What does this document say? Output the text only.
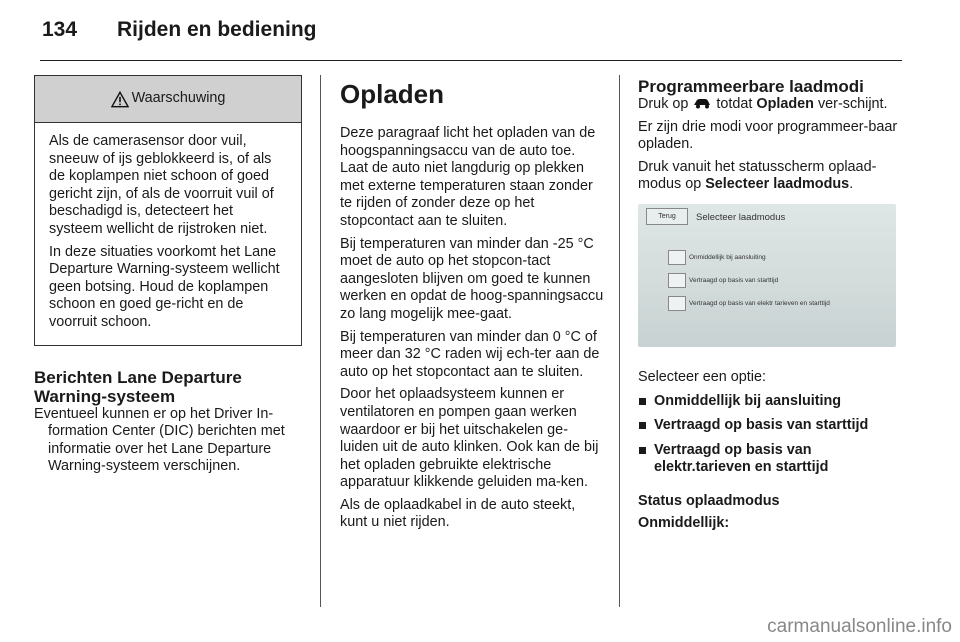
134 Rijden en bediening
Waarschuwing

Als de camerasensor door vuil, sneeuw of ijs geblokkeerd is, of als de koplampen niet schoon of goed gericht zijn, of als de voorruit vuil of beschadigd is, detecteert het systeem wellicht de rijstroken niet.

In deze situaties voorkomt het Lane Departure Warning-systeem wellicht geen botsing. Houd de koplampen schoon en goed ge-richt en de voorruit schoon.

Berichten Lane Departure Warning-systeem

Eventueel kunnen er op het Driver In-formation Center (DIC) berichten met informatie over het Lane Departure Warning-systeem verschijnen.

Opladen

Deze paragraaf licht het opladen van de hoogspanningsaccu van de auto toe. Laat de auto niet langdurig op plekken met externe temperaturen staan zonder te rijden of zonder deze op het stopcontact aan te sluiten.

Bij temperaturen van minder dan -25 °C moet de auto op het stopcon-tact aangesloten blijven om goed te kunnen werken en opdat de hoog-spanningsaccu zo lang mogelijk mee-gaat.

Bij temperaturen van minder dan 0 °C of meer dan 32 °C raden wij ech-ter aan de auto op het stopcontact aan te sluiten.

Door het oplaadsysteem kunnen er ventilatoren en pompen gaan werken waardoor er bij het uitschakelen ge-luiden uit de auto klinken. Ook kan de bij het opladen gebruikte elektrische apparatuur klikkende geluiden ma-ken.

Als de oplaadkabel in de auto steekt, kunt u niet rijden.

Programmeerbare laadmodi

Druk op  totdat Opladen ver-schijnt.

Er zijn drie modi voor programmeer-baar opladen.

Druk vanuit het statusscherm oplaad-modus op Selecteer laadmodus.

Terug	Selecteer laadmodus
Onmiddellijk bij aansluiting
Vertraagd op basis van starttijd
Vertraagd op basis van elektr tarieven en starttijd

Selecteer een optie:

Onmiddellijk bij aansluiting
Vertraagd op basis van starttijd
Vertraagd op basis van elektr.tarieven en starttijd
Status oplaadmodus
Onmiddellijk:
carmanualsonline.info
